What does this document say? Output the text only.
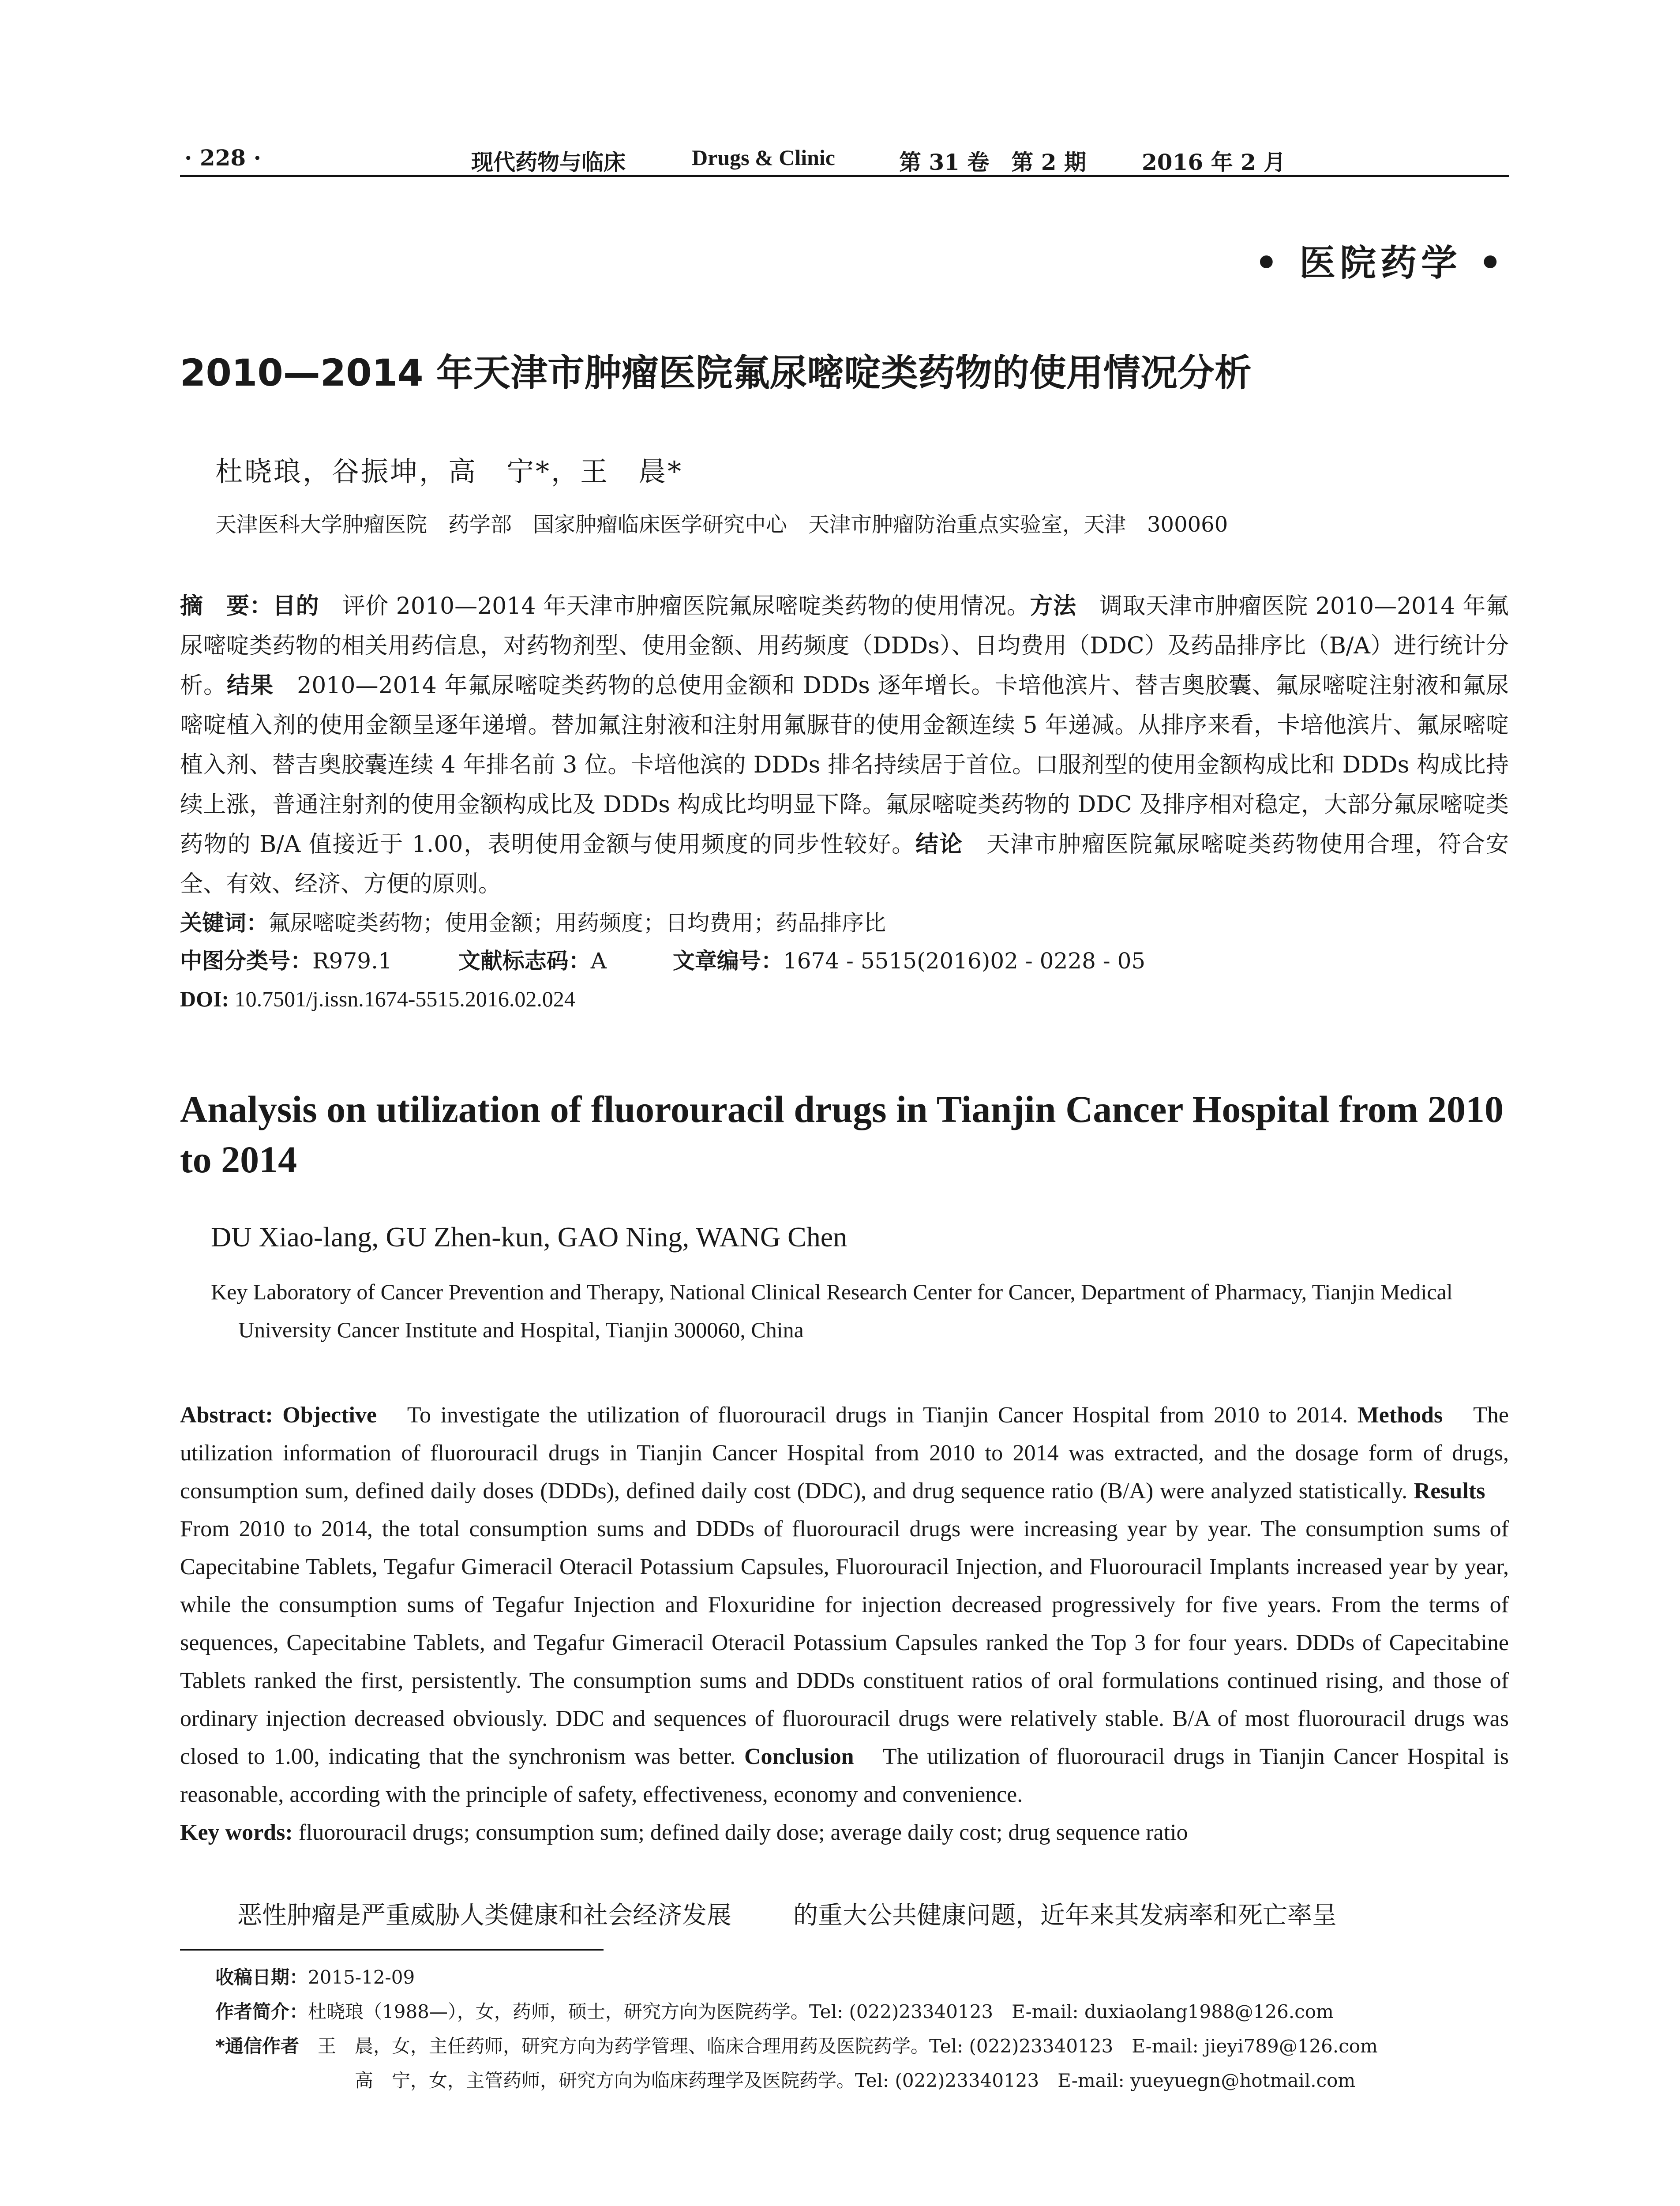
· 228 ·	现代药物与临床	Drugs & Clinic	第 31 卷　第 2 期	2016 年 2 月
• 医院药学 •
2010—2014 年天津市肿瘤医院氟尿嘧啶类药物的使用情况分析
杜晓琅，谷振坤，高　宁*，王　晨*
天津医科大学肿瘤医院　药学部　国家肿瘤临床医学研究中心　天津市肿瘤防治重点实验室，天津　300060
摘　要：目的　评价 2010—2014 年天津市肿瘤医院氟尿嘧啶类药物的使用情况。方法　调取天津市肿瘤医院 2010—2014 年氟尿嘧啶类药物的相关用药信息，对药物剂型、使用金额、用药频度（DDDs）、日均费用（DDC）及药品排序比（B/A）进行统计分析。结果　2010—2014 年氟尿嘧啶类药物的总使用金额和 DDDs 逐年增长。卡培他滨片、替吉奥胶囊、氟尿嘧啶注射液和氟尿嘧啶植入剂的使用金额呈逐年递增。替加氟注射液和注射用氟脲苷的使用金额连续 5 年递减。从排序来看，卡培他滨片、氟尿嘧啶植入剂、替吉奥胶囊连续 4 年排名前 3 位。卡培他滨的 DDDs 排名持续居于首位。口服剂型的使用金额构成比和 DDDs 构成比持续上涨，普通注射剂的使用金额构成比及 DDDs 构成比均明显下降。氟尿嘧啶类药物的 DDC 及排序相对稳定，大部分氟尿嘧啶类药物的 B/A 值接近于 1.00，表明使用金额与使用频度的同步性较好。结论　天津市肿瘤医院氟尿嘧啶类药物使用合理，符合安全、有效、经济、方便的原则。
关键词：氟尿嘧啶类药物；使用金额；用药频度；日均费用；药品排序比
中图分类号：R979.1	文献标志码：A	文章编号：1674 - 5515(2016)02 - 0228 - 05
DOI: 10.7501/j.issn.1674-5515.2016.02.024
Analysis on utilization of fluorouracil drugs in Tianjin Cancer Hospital from 2010 to 2014
DU Xiao-lang, GU Zhen-kun, GAO Ning, WANG Chen
Key Laboratory of Cancer Prevention and Therapy, National Clinical Research Center for Cancer, Department of Pharmacy, Tianjin Medical University Cancer Institute and Hospital, Tianjin 300060, China
Abstract: Objective　To investigate the utilization of fluorouracil drugs in Tianjin Cancer Hospital from 2010 to 2014. Methods　The utilization information of fluorouracil drugs in Tianjin Cancer Hospital from 2010 to 2014 was extracted, and the dosage form of drugs, consumption sum, defined daily doses (DDDs), defined daily cost (DDC), and drug sequence ratio (B/A) were analyzed statistically. Results　From 2010 to 2014, the total consumption sums and DDDs of fluorouracil drugs were increasing year by year. The consumption sums of Capecitabine Tablets, Tegafur Gimeracil Oteracil Potassium Capsules, Fluorouracil Injection, and Fluorouracil Implants increased year by year, while the consumption sums of Tegafur Injection and Floxuridine for injection decreased progressively for five years. From the terms of sequences, Capecitabine Tablets, and Tegafur Gimeracil Oteracil Potassium Capsules ranked the Top 3 for four years. DDDs of Capecitabine Tablets ranked the first, persistently. The consumption sums and DDDs constituent ratios of oral formulations continued rising, and those of ordinary injection decreased obviously. DDC and sequences of fluorouracil drugs were relatively stable. B/A of most fluorouracil drugs was closed to 1.00, indicating that the synchronism was better. Conclusion　The utilization of fluorouracil drugs in Tianjin Cancer Hospital is reasonable, according with the principle of safety, effectiveness, economy and convenience.
Key words: fluorouracil drugs; consumption sum; defined daily dose; average daily cost; drug sequence ratio
恶性肿瘤是严重威胁人类健康和社会经济发展	的重大公共健康问题，近年来其发病率和死亡率呈
收稿日期：2015-12-09
作者简介：杜晓琅（1988—），女，药师，硕士，研究方向为医院药学。Tel: (022)23340123　E-mail: duxiaolang1988@126.com
*通信作者　王　晨，女，主任药师，研究方向为药学管理、临床合理用药及医院药学。Tel: (022)23340123　E-mail: jieyi789@126.com
高　宁，女，主管药师，研究方向为临床药理学及医院药学。Tel: (022)23340123　E-mail: yueyuegn@hotmail.com
